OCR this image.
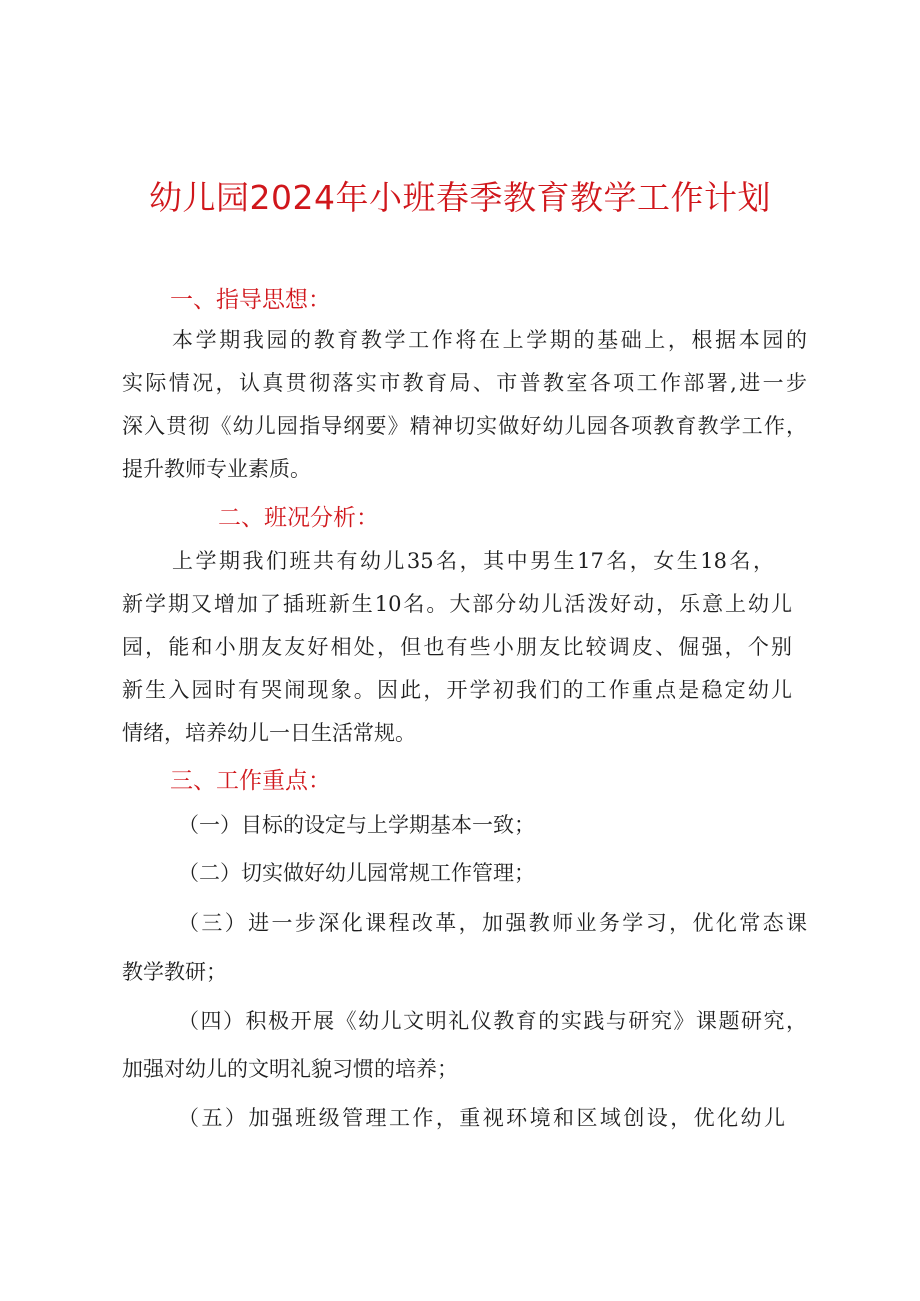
幼儿园2024年小班春季教育教学工作计划
一、指导思想：
本学期我园的教育教学工作将在上学期的基础上，根据本园的
实际情况，认真贯彻落实市教育局、市普教室各项工作部署,进一步
深入贯彻《幼儿园指导纲要》精神切实做好幼儿园各项教育教学工作，
提升教师专业素质。
二、班况分析：
上学期我们班共有幼儿35名，其中男生17名，女生18名，
新学期又增加了插班新生10名。大部分幼儿活泼好动，乐意上幼儿
园，能和小朋友友好相处，但也有些小朋友比较调皮、倔强，个别
新生入园时有哭闹现象。因此，开学初我们的工作重点是稳定幼儿
情绪，培养幼儿一日生活常规。
三、工作重点：
（一）目标的设定与上学期基本一致；
（二）切实做好幼儿园常规工作管理；
（三）进一步深化课程改革，加强教师业务学习，优化常态课
教学教研；
（四）积极开展《幼儿文明礼仪教育的实践与研究》课题研究，
加强对幼儿的文明礼貌习惯的培养；
（五）加强班级管理工作，重视环境和区域创设，优化幼儿
